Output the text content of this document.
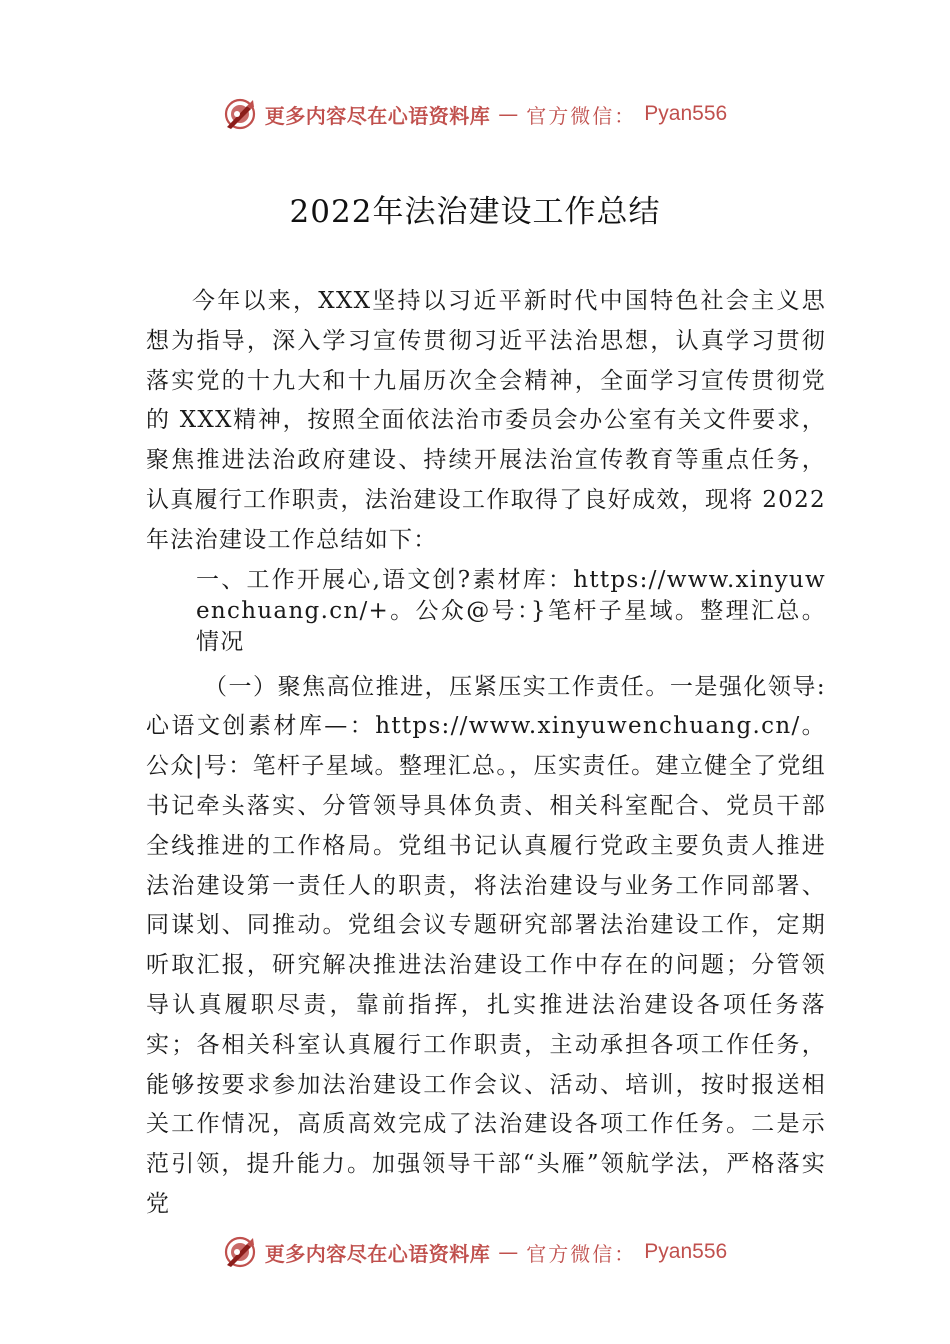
更多内容尽在心语资料库 — 官方微信： Pyan556
2022年法治建设工作总结

今年以来，XXX坚持以习近平新时代中国特色社会主义思想为指导，深入学习宣传贯彻习近平法治思想，认真学习贯彻落实党的十九大和十九届历次全会精神，全面学习宣传贯彻党的 XXX精神，按照全面依法治市委员会办公室有关文件要求，聚焦推进法治政府建设、持续开展法治宣传教育等重点任务，认真履行工作职责，法治建设工作取得了良好成效，现将 2022年法治建设工作总结如下：

一、工作开展心,语文创?素材库：https://www.xinyuwenchuang.cn/+。公众@号：}笔杆子星域。整理汇总。情况

（一）聚焦高位推进，压紧压实工作责任。一是强化领导:心语文创素材库—：https://www.xinyuwenchuang.cn/。公众|号：笔杆子星域。整理汇总。，压实责任。建立健全了党组书记牵头落实、分管领导具体负责、相关科室配合、党员干部全线推进的工作格局。党组书记认真履行党政主要负责人推进法治建设第一责任人的职责，将法治建设与业务工作同部署、同谋划、同推动。党组会议专题研究部署法治建设工作，定期听取汇报，研究解决推进法治建设工作中存在的问题；分管领导认真履职尽责，靠前指挥，扎实推进法治建设各项任务落实；各相关科室认真履行工作职责，主动承担各项工作任务，能够按要求参加法治建设工作会议、活动、培训，按时报送相关工作情况，高质高效完成了法治建设各项工作任务。二是示范引领，提升能力。加强领导干部“头雁”领航学法，严格落实党

更多内容尽在心语资料库 — 官方微信： Pyan556
